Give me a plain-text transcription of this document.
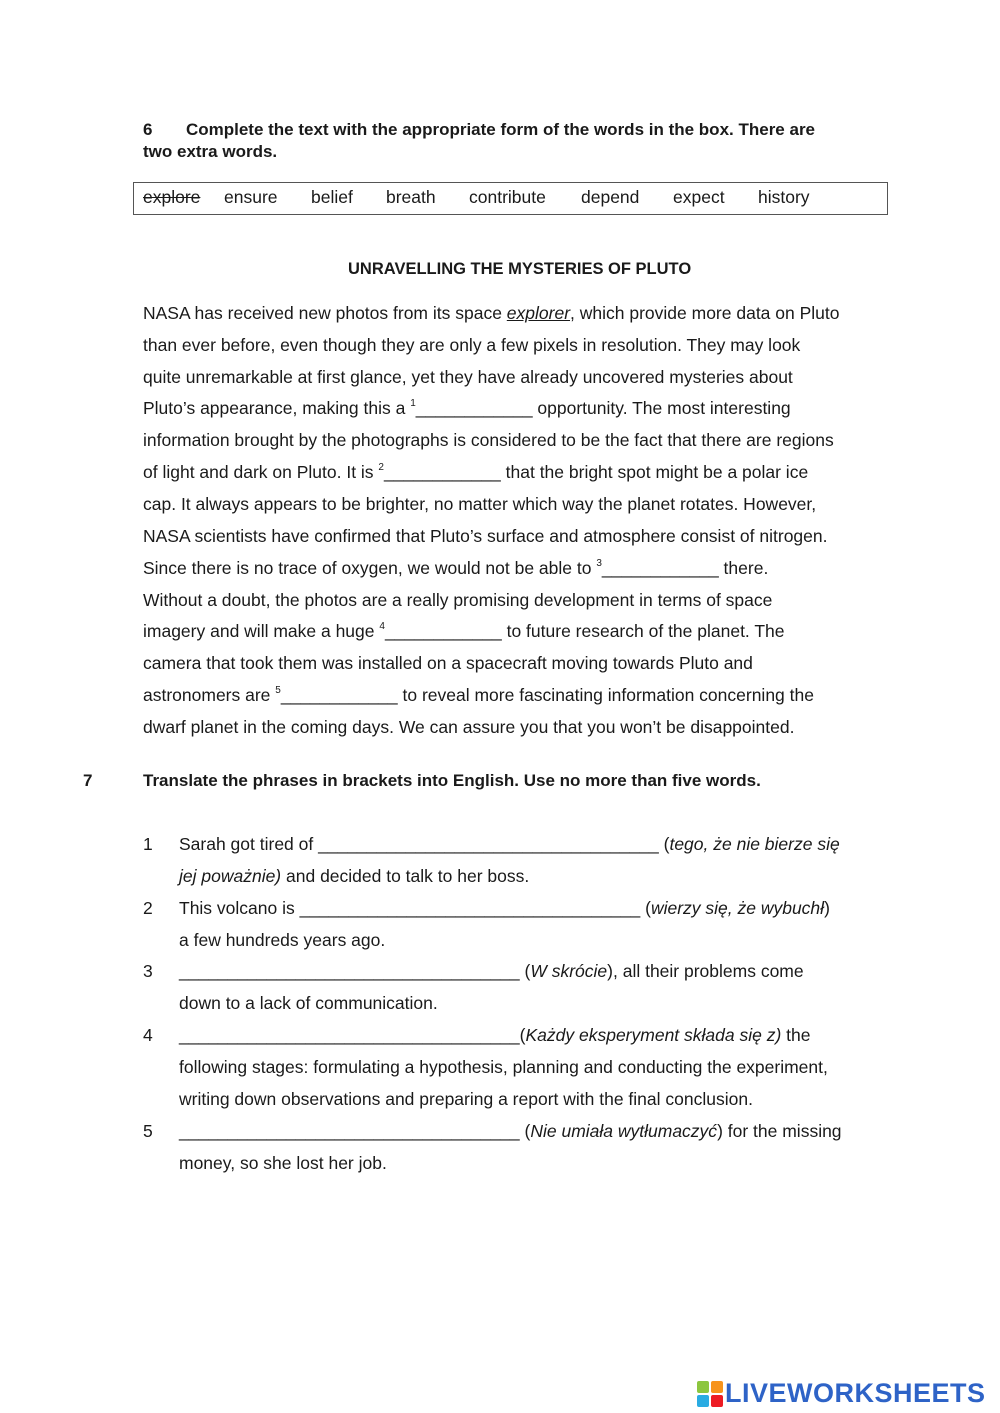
6 Complete the text with the appropriate form of the words in the box. There are
two extra words.
explore ensure belief breath contribute depend expect history
UNRAVELLING THE MYSTERIES OF PLUTO
NASA has received new photos from its space explorer, which provide more data on Pluto
than ever before, even though they are only a few pixels in resolution. They may look
quite unremarkable at first glance, yet they have already uncovered mysteries about
Pluto’s appearance, making this a $^1$____________ opportunity. The most interesting
information brought by the photographs is considered to be the fact that there are regions
of light and dark on Pluto. It is $^2$____________ that the bright spot might be a polar ice
cap. It always appears to be brighter, no matter which way the planet rotates. However,
NASA scientists have confirmed that Pluto’s surface and atmosphere consist of nitrogen.
Since there is no trace of oxygen, we would not be able to $^3$____________ there.
Without a doubt, the photos are a really promising development in terms of space
imagery and will make a huge $^4$____________ to future research of the planet. The
camera that took them was installed on a spacecraft moving towards Pluto and
astronomers are $^5$____________ to reveal more fascinating information concerning the
dwarf planet in the coming days. We can assure you that you won’t be disappointed.
7	Translate the phrases in brackets into English. Use no more than five words.
1 Sarah got tired of ___________________________________ (tego, że nie bierze się
jej poważnie) and decided to talk to her boss.
2 This volcano is ___________________________________ (wierzy się, że wybuchł)
a few hundreds years ago.
3 ___________________________________ (W skrócie), all their problems come
down to a lack of communication.
4 ___________________________________(Każdy eksperyment składa się z) the
following stages: formulating a hypothesis, planning and conducting the experiment,
writing down observations and preparing a report with the final conclusion.
5 ___________________________________ (Nie umiała wytłumaczyć) for the missing
money, so she lost her job.
LIVEWORKSHEETS
